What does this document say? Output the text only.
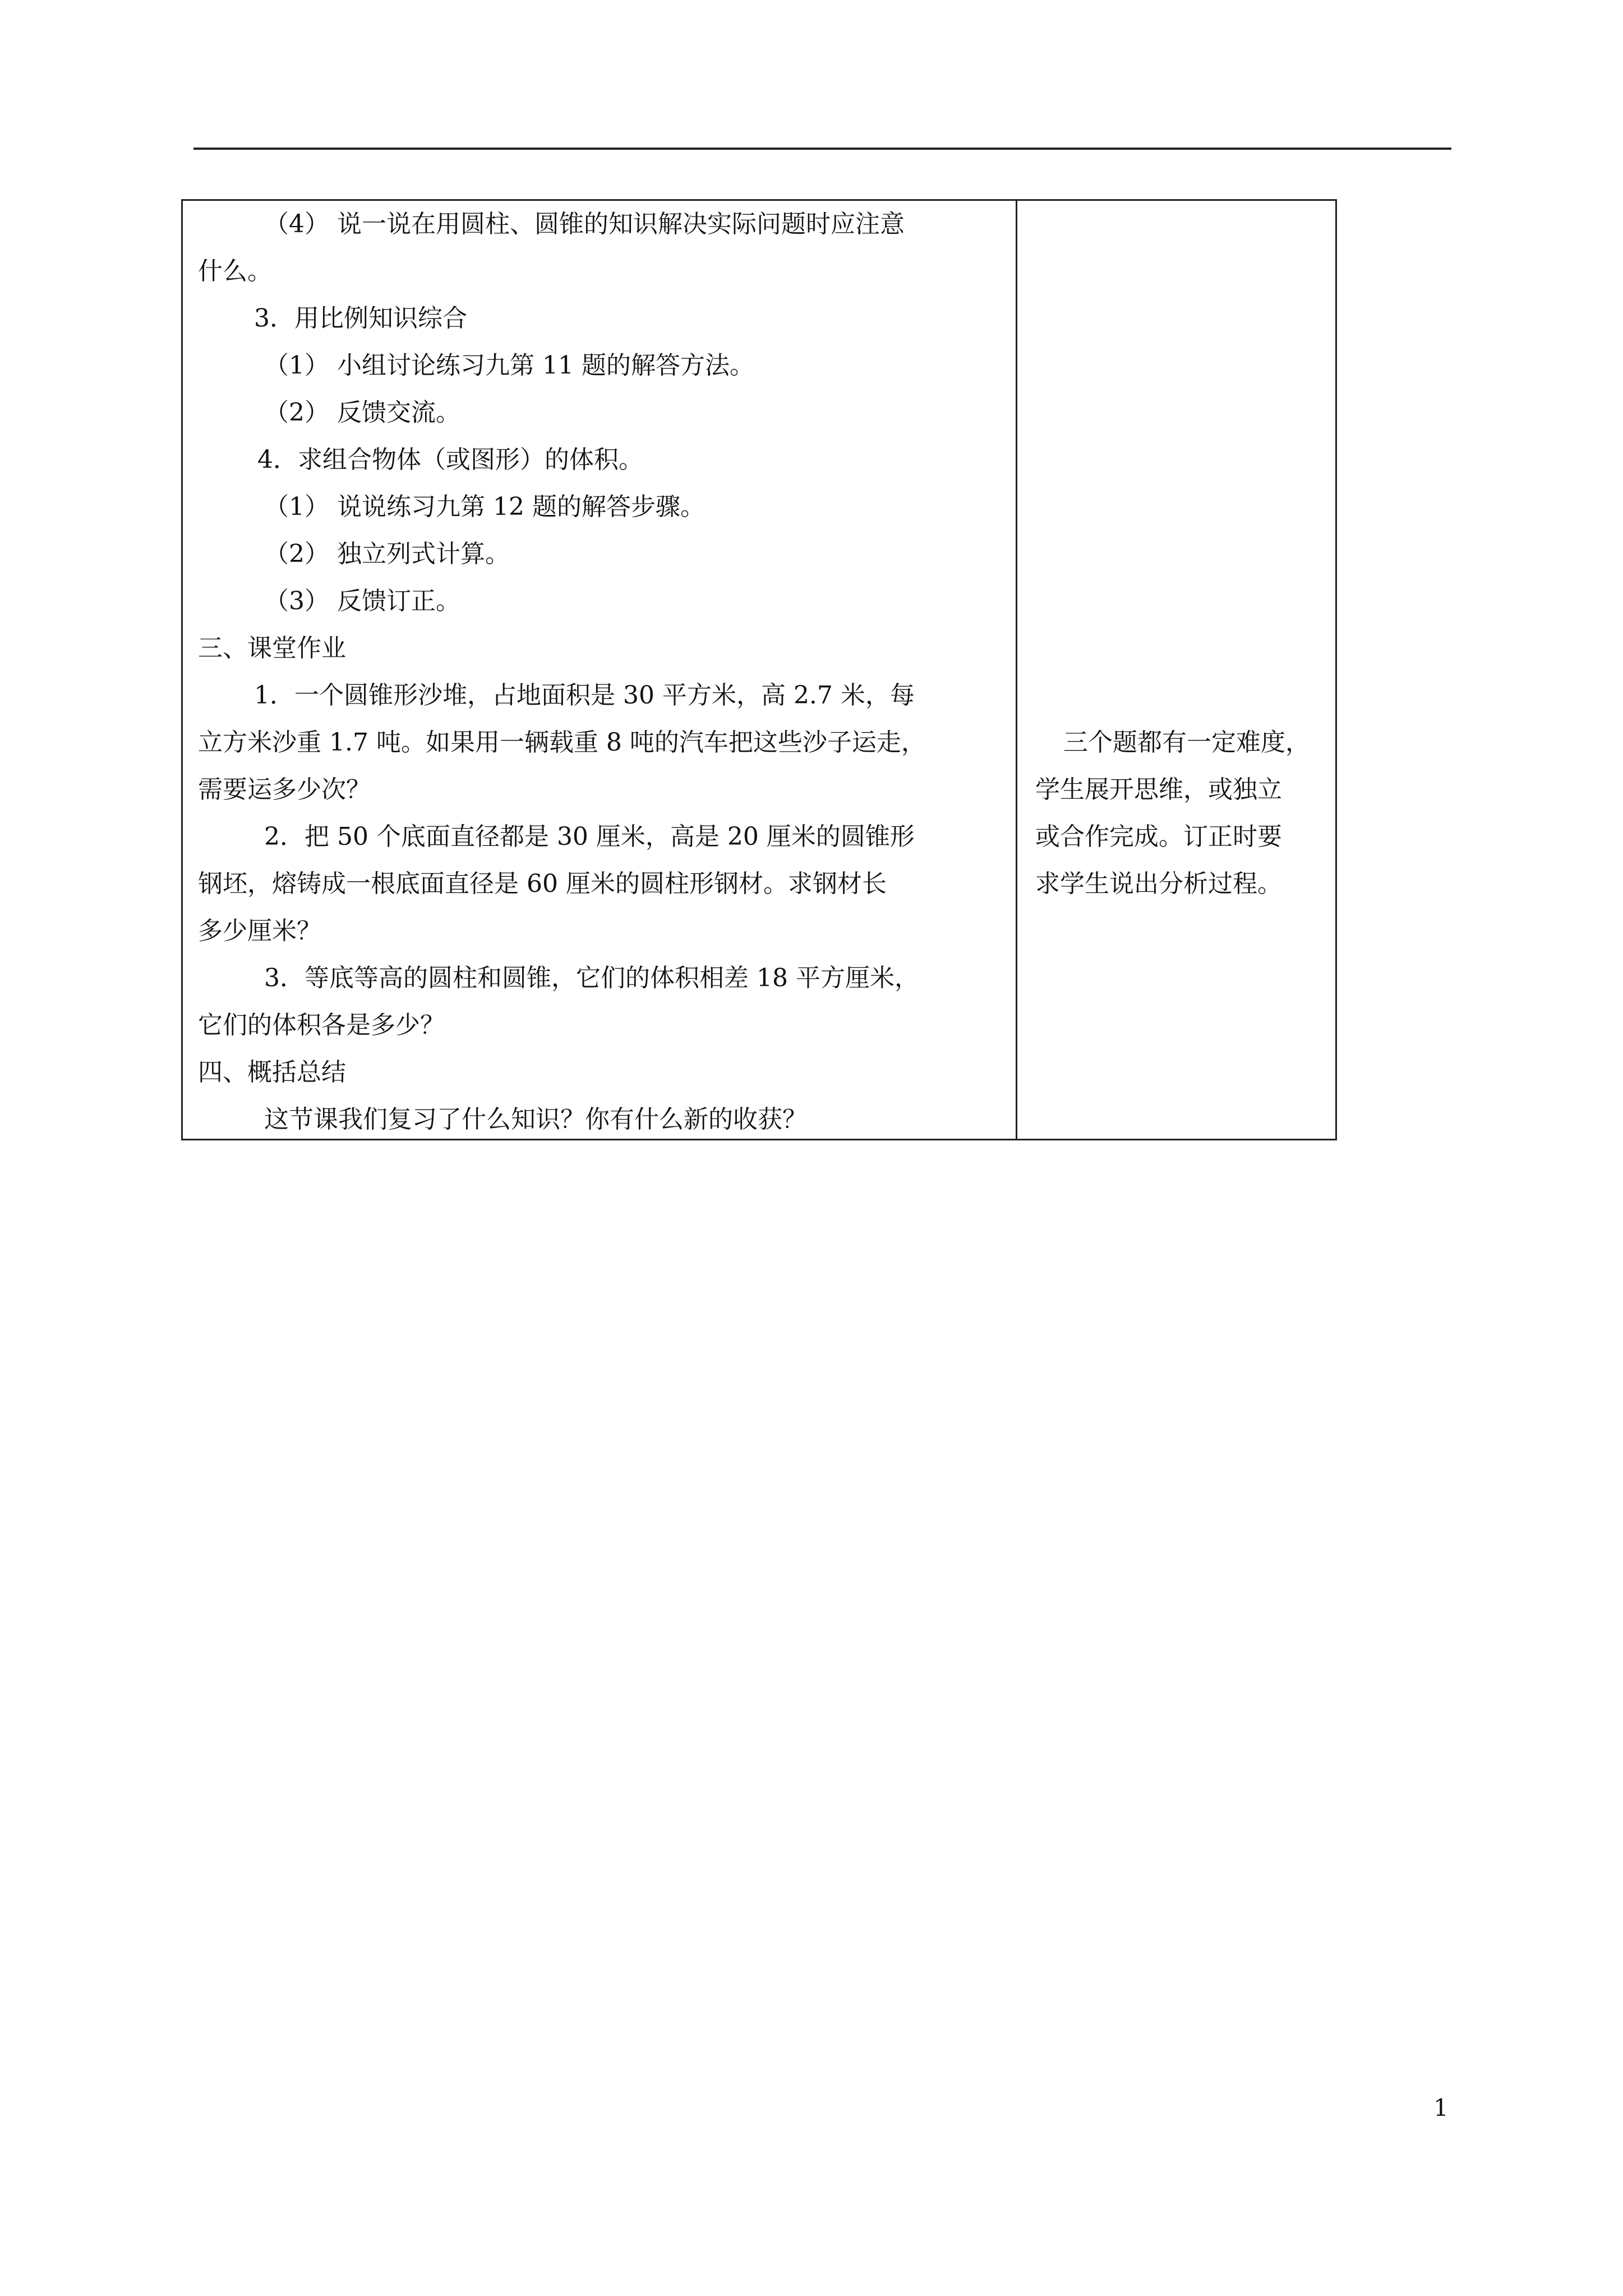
（4） 说一说在用圆柱、圆锥的知识解决实际问题时应注意
什么。
3．用比例知识综合
（1） 小组讨论练习九第 11 题的解答方法。
（2） 反馈交流。
4．求组合物体（或图形）的体积。
（1） 说说练习九第 12 题的解答步骤。
（2） 独立列式计算。
（3） 反馈订正。
三、课堂作业
1．一个圆锥形沙堆，占地面积是 30 平方米，高 2.7 米，每
立方米沙重 1.7 吨。如果用一辆载重 8 吨的汽车把这些沙子运走，
需要运多少次？
2．把 50 个底面直径都是 30 厘米，高是 20 厘米的圆锥形
钢坯，熔铸成一根底面直径是 60 厘米的圆柱形钢材。求钢材长
多少厘米？
3．等底等高的圆柱和圆锥，它们的体积相差 18 平方厘米，
它们的体积各是多少？
四、概括总结
这节课我们复习了什么知识？你有什么新的收获？
三个题都有一定难度，
学生展开思维，或独立
或合作完成。订正时要
求学生说出分析过程。
1
